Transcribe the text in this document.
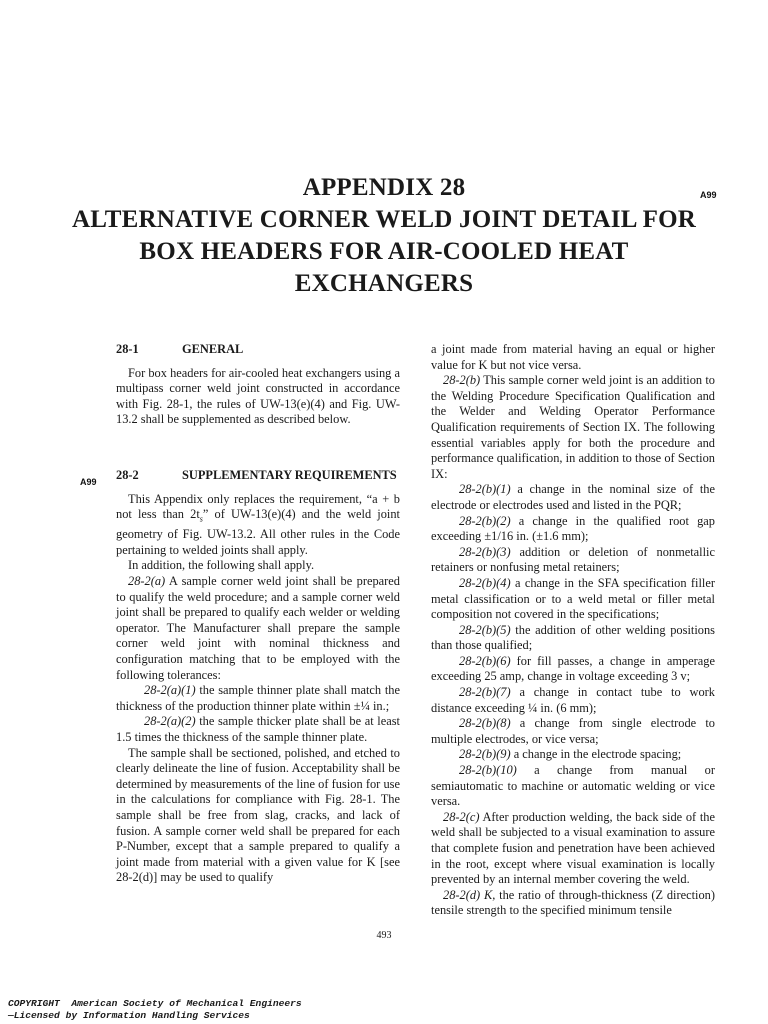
APPENDIX 28
ALTERNATIVE CORNER WELD JOINT DETAIL FOR
BOX HEADERS FOR AIR-COOLED HEAT
EXCHANGERS
A99
A99
28-1	GENERAL

For box headers for air-cooled heat exchangers using a multipass corner weld joint constructed in accordance with Fig. 28-1, the rules of UW-13(e)(4) and Fig. UW-13.2 shall be supplemented as described below.

28-2	SUPPLEMENTARY REQUIREMENTS

This Appendix only replaces the requirement, “a + b not less than $2t_s$” of UW-13(e)(4) and the weld joint geometry of Fig. UW-13.2. All other rules in the Code pertaining to welded joints shall apply.

In addition, the following shall apply.

28-2(a) A sample corner weld joint shall be prepared to qualify the weld procedure; and a sample corner weld joint shall be prepared to qualify each welder or welding operator. The Manufacturer shall prepare the sample corner weld joint with nominal thickness and configuration matching that to be employed with the following tolerances:

28-2(a)(1) the sample thinner plate shall match the thickness of the production thinner plate within ±¼ in.;

28-2(a)(2) the sample thicker plate shall be at least 1.5 times the thickness of the sample thinner plate.

The sample shall be sectioned, polished, and etched to clearly delineate the line of fusion. Acceptability shall be determined by measurements of the line of fusion for use in the calculations for compliance with Fig. 28-1. The sample shall be free from slag, cracks, and lack of fusion. A sample corner weld shall be prepared for each P-Number, except that a sample prepared to qualify a joint made from material with a given value for K [see 28-2(d)] may be used to qualify

a joint made from material having an equal or higher value for K but not vice versa.

28-2(b) This sample corner weld joint is an addition to the Welding Procedure Specification Qualification and the Welder and Welding Operator Performance Qualification requirements of Section IX. The following essential variables apply for both the procedure and performance qualification, in addition to those of Section IX:

28-2(b)(1) a change in the nominal size of the electrode or electrodes used and listed in the PQR;

28-2(b)(2) a change in the qualified root gap exceeding ±1/16 in. (±1.6 mm);

28-2(b)(3) addition or deletion of nonmetallic retainers or nonfusing metal retainers;

28-2(b)(4) a change in the SFA specification filler metal classification or to a weld metal or filler metal composition not covered in the specifications;

28-2(b)(5) the addition of other welding positions than those qualified;

28-2(b)(6) for fill passes, a change in amperage exceeding 25 amp, change in voltage exceeding 3 v;

28-2(b)(7) a change in contact tube to work distance exceeding ¼ in. (6 mm);

28-2(b)(8) a change from single electrode to multiple electrodes, or vice versa;

28-2(b)(9) a change in the electrode spacing;

28-2(b)(10) a change from manual or semiautomatic to machine or automatic welding or vice versa.

28-2(c) After production welding, the back side of the weld shall be subjected to a visual examination to assure that complete fusion and penetration have been achieved in the root, except where visual examination is locally prevented by an internal member covering the weld.

28-2(d) K, the ratio of through-thickness (Z direction) tensile strength to the specified minimum tensile

493
COPYRIGHT  American Society of Mechanical Engineers
—Licensed by Information Handling Services
